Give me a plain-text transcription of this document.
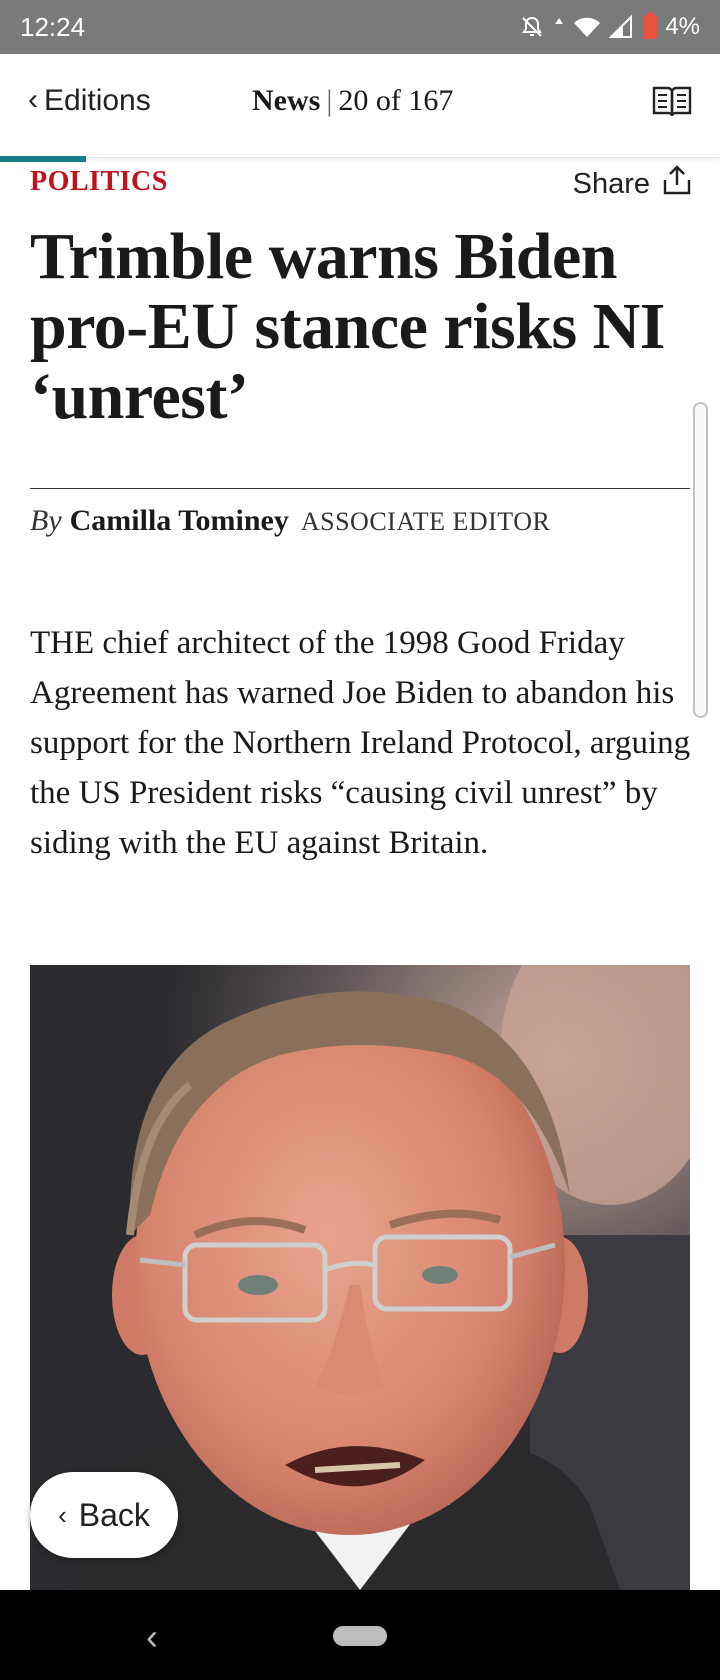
12:24	4%
‹ Editions	News | 20 of 167
POLITICS	Share
Trimble warns Biden pro-EU stance risks NI ‘unrest’
By Camilla Tominey ASSOCIATE EDITOR

THE chief architect of the 1998 Good Friday Agreement has warned Joe Biden to abandon his support for the Northern Ireland Protocol, arguing the US President risks “causing civil unrest” by siding with the EU against Britain.

‹ Back
‹
